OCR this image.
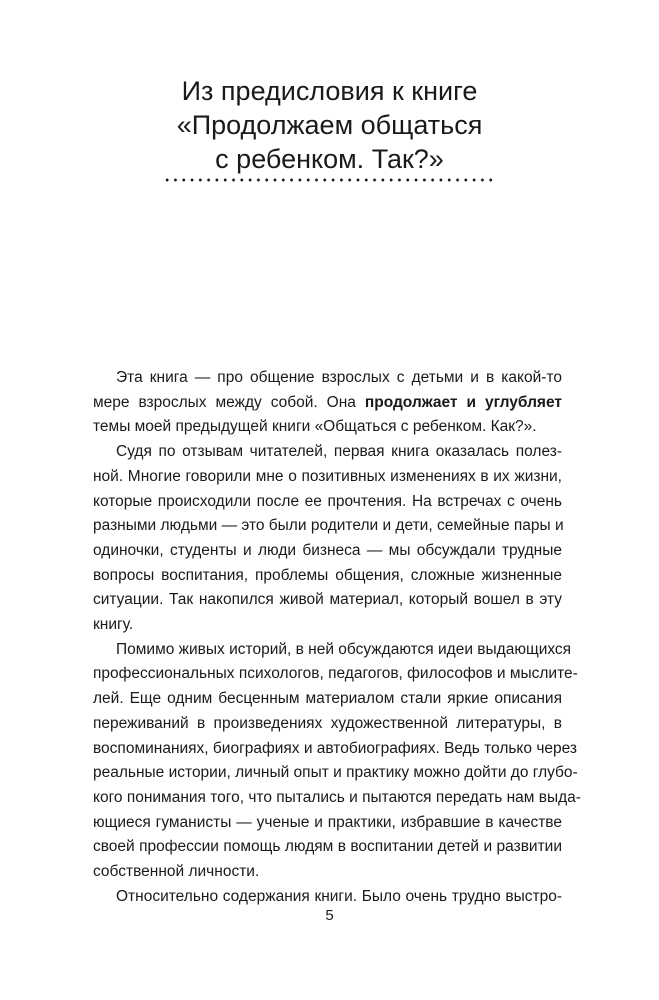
Из предисловия к книге
«Продолжаем общаться
с ребенком. Так?»
Эта книга — про общение взрослых с детьми и в какой-то
мере взрослых между собой. Она продолжает и углубляет
темы моей предыдущей книги «Общаться с ребенком. Как?».
Судя по отзывам читателей, первая книга оказалась полез-
ной. Многие говорили мне о позитивных изменениях в их жизни,
которые происходили после ее прочтения. На встречах с очень
разными людьми — это были родители и дети, семейные пары и
одиночки, студенты и люди бизнеса — мы обсуждали трудные
вопросы воспитания, проблемы общения, сложные жизненные
ситуации. Так накопился живой материал, который вошел в эту
книгу.
Помимо живых историй, в ней обсуждаются идеи выдающихся
профессиональных психологов, педагогов, философов и мыслите-
лей. Еще одним бесценным материалом стали яркие описания
переживаний в произведениях художественной литературы, в
воспоминаниях, биографиях и автобиографиях. Ведь только через
реальные истории, личный опыт и практику можно дойти до глубо-
кого понимания того, что пытались и пытаются передать нам выда-
ющиеся гуманисты — ученые и практики, избравшие в качестве
своей профессии помощь людям в воспитании детей и развитии
собственной личности.
Относительно содержания книги. Было очень трудно выстро-
5
